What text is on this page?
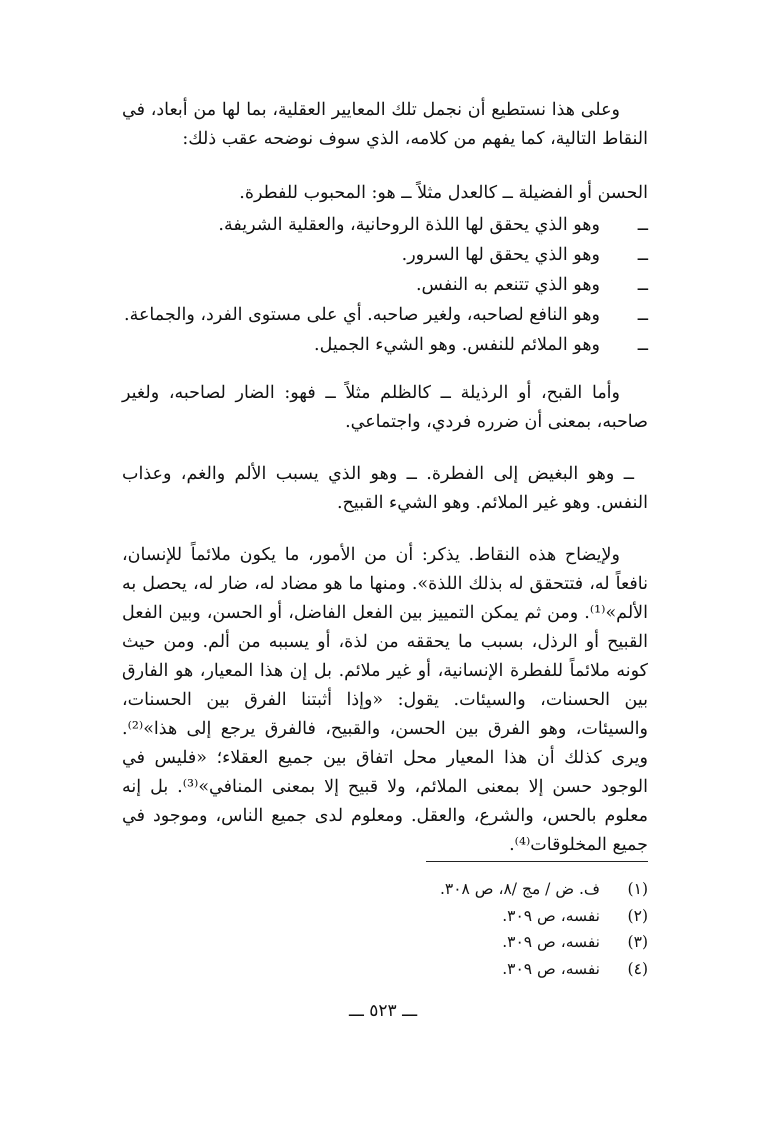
وعلى هذا نستطيع أن نجمل تلك المعايير العقلية، بما لها من أبعاد، في النقاط التالية، كما يفهم من كلامه، الذي سوف نوضحه عقب ذلك:

الحسن أو الفضيلة ــ كالعدل مثلاً ــ هو: المحبوب للفطرة.
ــوهو الذي يحقق لها اللذة الروحانية، والعقلية الشريفة.
ــوهو الذي يحقق لها السرور.
ــوهو الذي تتنعم به النفس.
ــوهو النافع لصاحبه، ولغير صاحبه. أي على مستوى الفرد، والجماعة.
ــوهو الملائم للنفس. وهو الشيء الجميل.

وأما القبح، أو الرذيلة ــ كالظلم مثلاً ــ فهو: الضار لصاحبه، ولغير صاحبه، بمعنى أن ضرره فردي، واجتماعي.

ــ وهو البغيض إلى الفطرة. ــ وهو الذي يسبب الألم والغم، وعذاب النفس. وهو غير الملائم. وهو الشيء القبيح.

ولإيضاح هذه النقاط. يذكر: أن من الأمور، ما يكون ملائماً للإنسان، نافعاً له، فتتحقق له بذلك اللذة». ومنها ما هو مضاد له، ضار له، يحصل به الألم»⁽¹⁾. ومن ثم يمكن التمييز بين الفعل الفاضل، أو الحسن، وبين الفعل القبيح أو الرذل، بسبب ما يحققه من لذة، أو يسببه من ألم. ومن حيث كونه ملائماً للفطرة الإنسانية، أو غير ملائم. بل إن هذا المعيار، هو الفارق بين الحسنات، والسيئات. يقول: «وإذا أثبتنا الفرق بين الحسنات، والسيئات، وهو الفرق بين الحسن، والقبيح، فالفرق يرجع إلى هذا»⁽²⁾. ويرى كذلك أن هذا المعيار محل اتفاق بين جميع العقلاء؛ «فليس في الوجود حسن إلا بمعنى الملائم، ولا قبيح إلا بمعنى المنافي»⁽³⁾. بل إنه معلوم بالحس، والشرع، والعقل. ومعلوم لدى جميع الناس، وموجود في جميع المخلوقات⁽⁴⁾.

(١)ف. ض / مج /٨، ص ٣٠٨.
(٢)نفسه، ص ٣٠٩.
(٣)نفسه، ص ٣٠٩.
(٤)نفسه، ص ٣٠٩.
ـــ ٥٢٣ ـــ
